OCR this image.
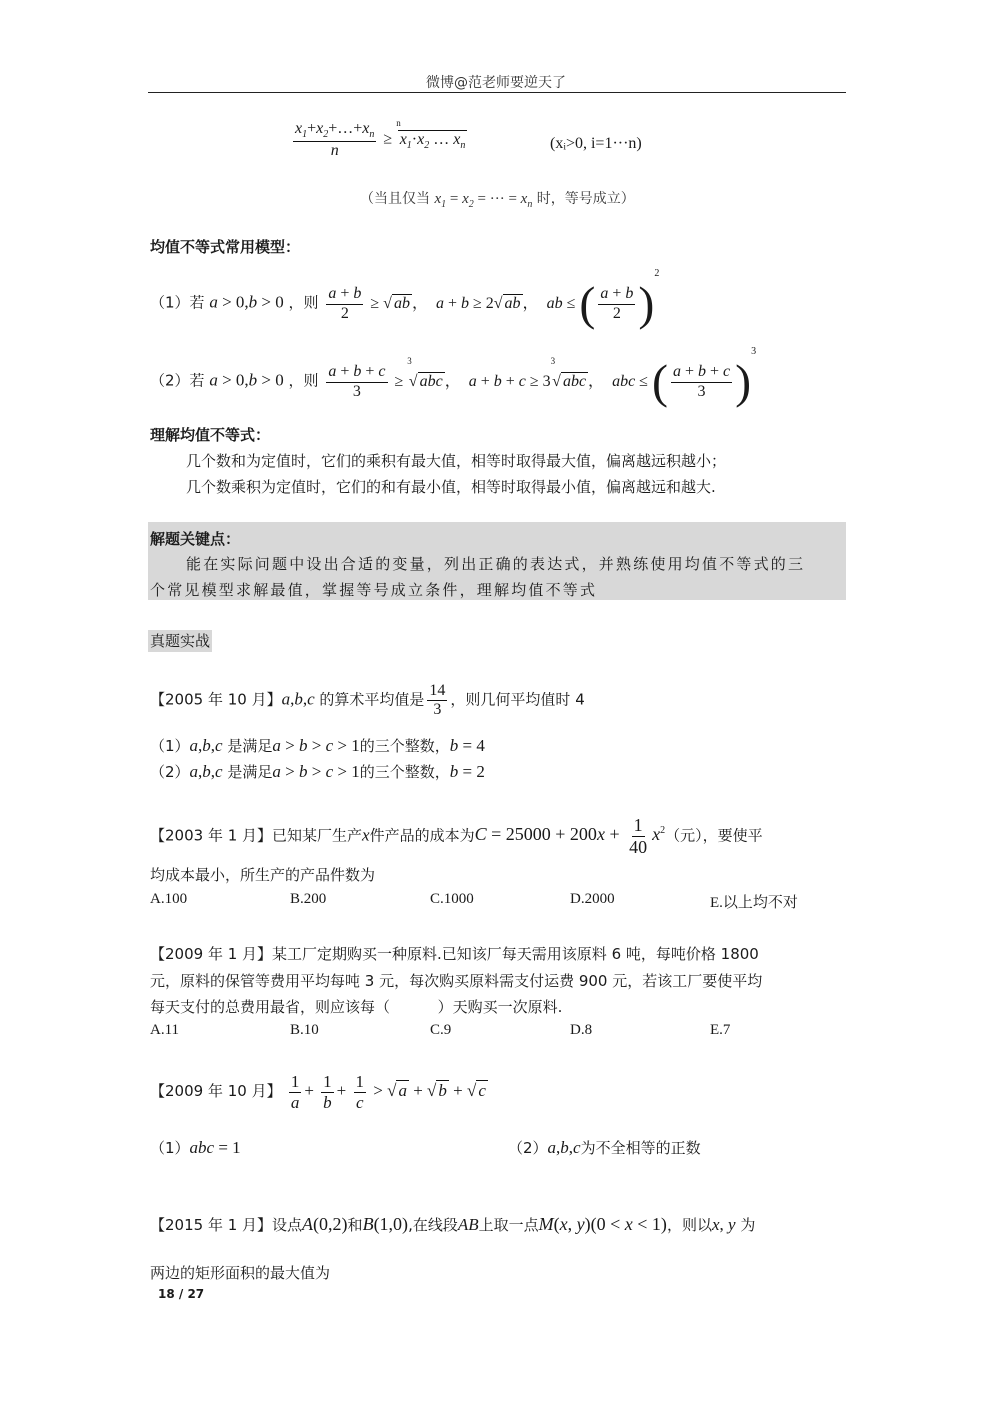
微博@范老师要逆天了
$\frac{x_1+x_2+\dots+x_n}{n} \ge ^nx_1\cdot x_2$ … $x_n$	(xᵢ>0, i=1···n)
（当且仅当 $x_1 = x_2$ = ··· = $x_n$ 时，等号成立）
均值不等式常用模型：
（1）若 a > 0,b > 0 ，则 $\frac{a + b}{2}$ ≥ √ ab ，  a + b ≥ 2√ ab ，  ab ≤ ( $\frac{a + b}{2} )^2$
（2）若 a > 0,b > 0 ，则 $\frac{a + b + c}{3} \ge ^3√$ abc ，  $a + b + c \ge 3^3√$ abc ，  abc ≤ ( $\frac{a + b + c}{3} )^3$
理解均值不等式：
几个数和为定值时，它们的乘积有最大值，相等时取得最大值，偏离越远积越小；
几个数乘积为定值时，它们的和有最小值，相等时取得最小值，偏离越远和越大.
解题关键点：
能在实际问题中设出合适的变量，列出正确的表达式，并熟练使用均值不等式的三
个常见模型求解最值，掌握等号成立条件，理解均值不等式
真题实战
【2005 年 10 月】a,b,c 的算术平均值是 $\frac{14}{3}$ ，则几何平均值时 4
（1）a,b,c 是满足a > b > c > 1的三个整数，b = 4
（2）a,b,c 是满足a > b > c > 1的三个整数，b = 2
【2003 年 1 月】已知某厂生产x件产品的成本为$C = 25000 + 200x + \frac{1}{40} x^2$（元），要使平
均成本最小，所生产的产品件数为
A.100	B.200	C.1000	D.2000	E.以上均不对
【2009 年 1 月】某工厂定期购买一种原料.已知该厂每天需用该原料 6 吨，每吨价格 1800
元，原料的保管等费用平均每吨 3 元，每次购买原料需支付运费 900 元，若该工厂要使平均
每天支付的总费用最省，则应该每（          ）天购买一次原料.
A.11	B.10	C.9	D.8	E.7
【2009 年 10 月】 $\frac{1}{a} + \frac{1}{b} + \frac{1}{c}$ > √ a + √ b + √ c
（1）abc = 1	（2）a,b,c为不全相等的正数
【2015 年 1 月】设点A(0,2)和B(1,0),在线段AB上取一点M(x, y)(0 < x < 1)，则以x, y 为
两边的矩形面积的最大值为
18 / 27
